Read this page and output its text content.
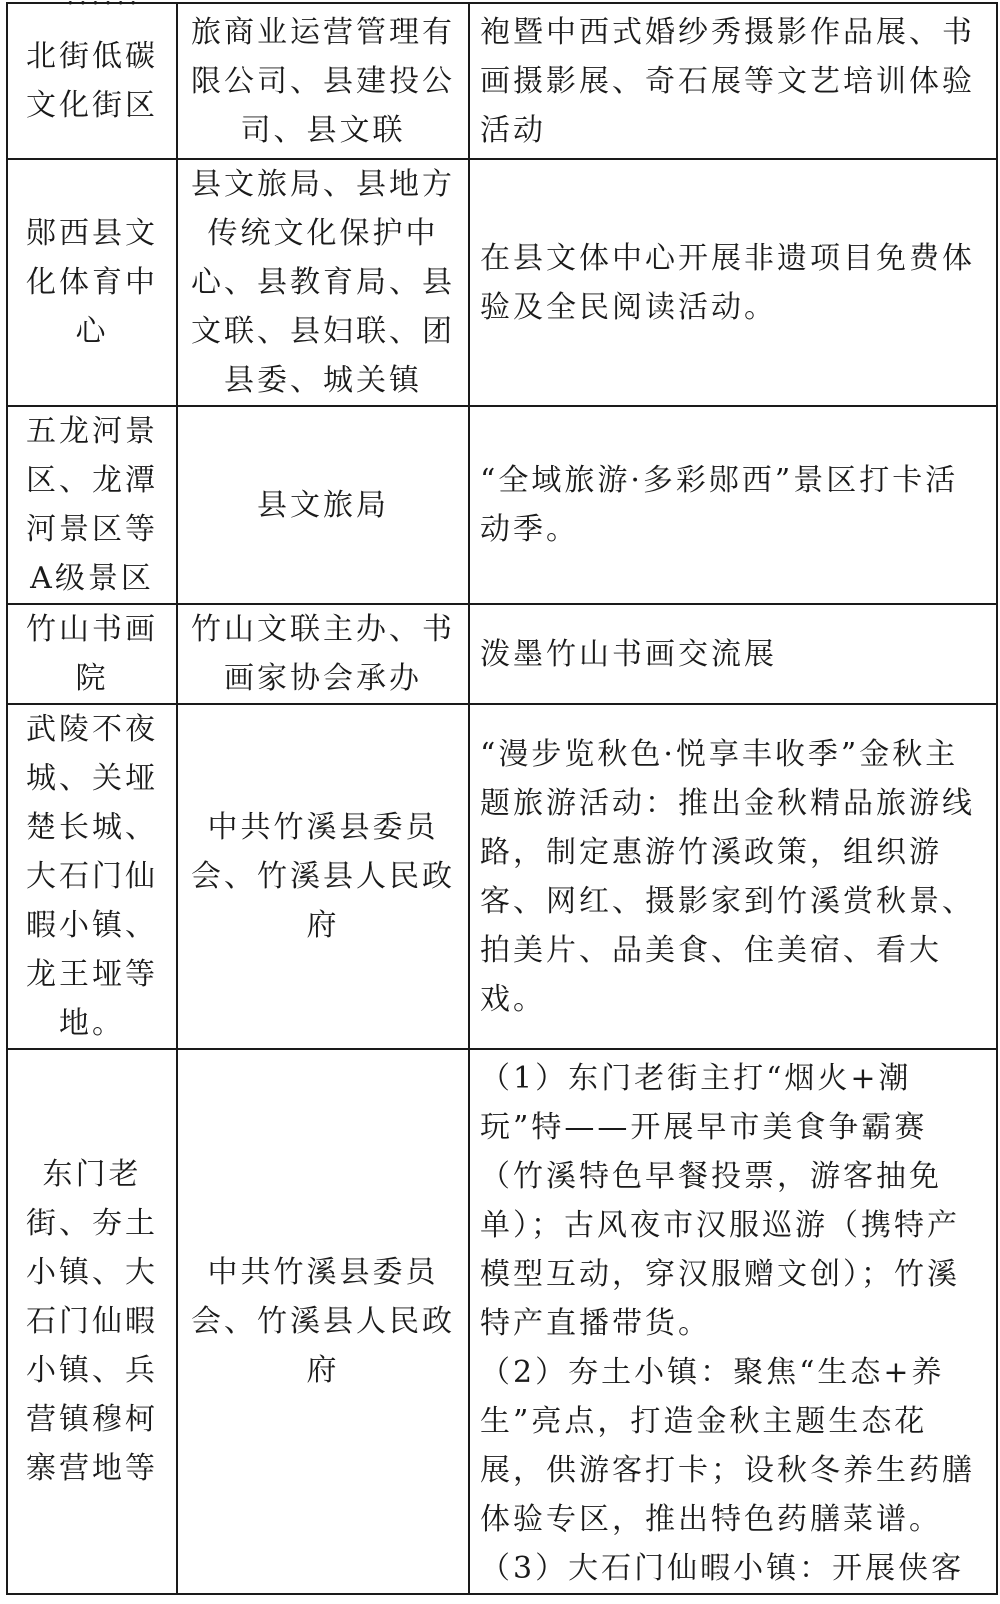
北街低碳文化街区	旅商业运营管理有限公司、县建投公司、县文联	袍暨中西式婚纱秀摄影作品展、书画摄影展、奇石展等文艺培训体验活动
郧西县文化体育中心	县文旅局、县地方传统文化保护中心、县教育局、县文联、县妇联、团县委、城关镇	在县文体中心开展非遗项目免费体验及全民阅读活动。
五龙河景区、龙潭河景区等A级景区	县文旅局	“全域旅游·多彩郧西”景区打卡活动季。
竹山书画院	竹山文联主办、书画家协会承办	泼墨竹山书画交流展
武陵不夜城、关垭楚长城、大石门仙暇小镇、龙王垭等地。	中共竹溪县委员会、竹溪县人民政府	“漫步览秋色·悦享丰收季”金秋主题旅游活动：推出金秋精品旅游线路，制定惠游竹溪政策，组织游客、网红、摄影家到竹溪赏秋景、拍美片、品美食、住美宿、看大戏。
东门老街、夯土小镇、大石门仙暇小镇、兵营镇穆柯寨营地等	中共竹溪县委员会、竹溪县人民政府	（1）东门老街主打“烟火+潮玩”特——开展早市美食争霸赛（竹溪特色早餐投票，游客抽免单）；古风夜市汉服巡游（携特产模型互动，穿汉服赠文创）；竹溪特产直播带货。
（2）夯土小镇：聚焦“生态+养生”亮点，打造金秋主题生态花展，供游客打卡；设秋冬养生药膳体验专区，推出特色药膳菜谱。
（3）大石门仙暇小镇：开展侠客
